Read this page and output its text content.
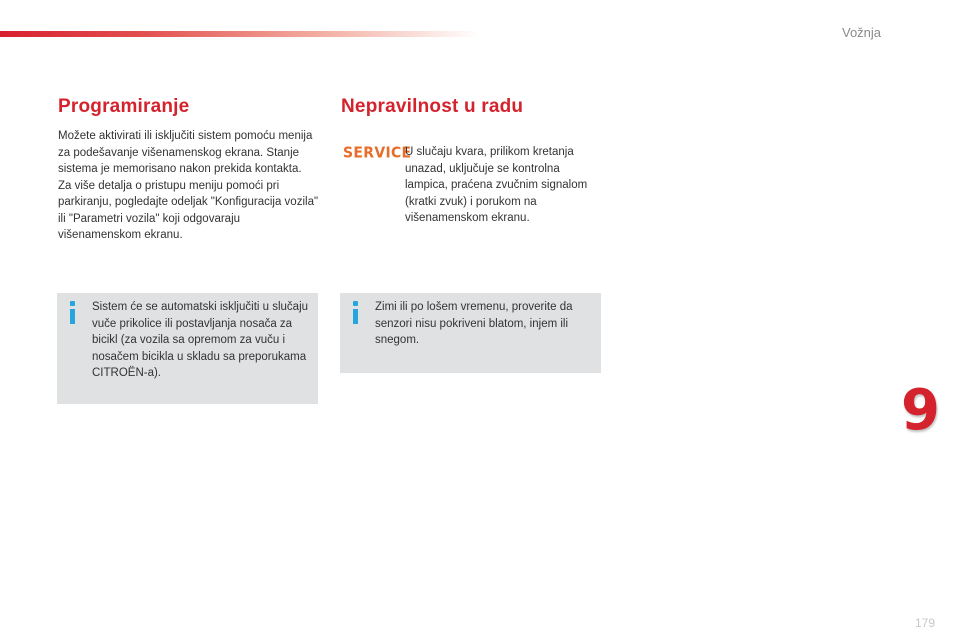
Vožnja
Programiranje

Možete aktivirati ili isključiti sistem pomoću menija za podešavanje višenamenskog ekrana. Stanje sistema je memorisano nakon prekida kontakta.

Za više detalja o pristupu meniju pomoći pri parkiranju, pogledajte odeljak "Konfiguracija vozila" ili "Parametri vozila" koji odgovaraju višenamenskom ekranu.

Sistem će se automatski isključiti u slučaju vuče prikolice ili postavljanja nosača za bicikl (za vozila sa opremom za vuču i nosačem bicikla u skladu sa preporukama CITROËN-a).
Nepravilnost u radu
SERVICE
U slučaju kvara, prilikom kretanja unazad, uključuje se kontrolna lampica, praćena zvučnim signalom (kratki zvuk) i porukom na višenamenskom ekranu.
Zimi ili po lošem vremenu, proverite da senzori nisu pokriveni blatom, injem ili snegom.
9
179
